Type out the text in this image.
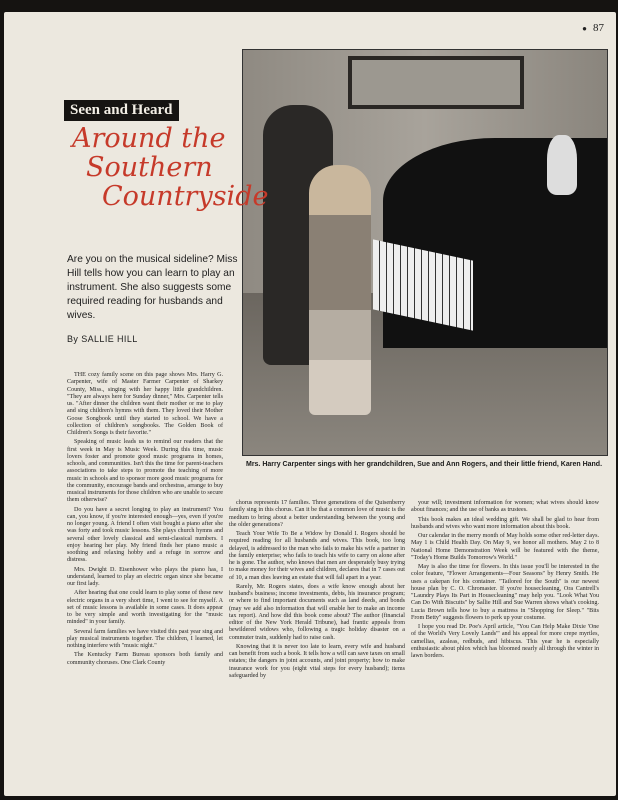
● 87
Mrs. Harry Carpenter sings with her grandchildren, Sue and Ann Rogers, and their little friend, Karen Hand.
Seen and Heard
Around the
Southern
Countryside
Are you on the musical sideline? Miss Hill tells how you can learn to play an instrument. She also suggests some required reading for husbands and wives.
By SALLIE HILL

THE cozy family scene on this page shows Mrs. Harry G. Carpenter, wife of Master Farmer Carpenter of Sharkey County, Miss., singing with her happy little grandchildren. "They are always here for Sunday dinner," Mrs. Carpenter tells us. "After dinner the children want their mother or me to play and sing children's hymns with them. They loved their Mother Goose Songbook until they started to school. We have a collection of children's songbooks. The Golden Book of Children's Songs is their favorite."

Speaking of music leads us to remind our readers that the first week in May is Music Week. During this time, music lovers foster and promote good music programs in homes, schools, and communities. Isn't this the time for parent-teachers associations to take steps to promote the teaching of more music in schools and to sponsor more good music programs for the community, encourage bands and orchestras, arrange to buy musical instruments for those children who are unable to secure them otherwise?

Do you have a secret longing to play an instrument? You can, you know, if you're interested enough—yes, even if you're no longer young. A friend I often visit bought a piano after she was forty and took music lessons. She plays church hymns and several other lovely classical and semi-classical numbers. I enjoy hearing her play. My friend finds her piano music a soothing and relaxing hobby and a refuge in sorrow and distress.

Mrs. Dwight D. Eisenhower who plays the piano has, I understand, learned to play an electric organ since she became our first lady.

After hearing that one could learn to play some of these new electric organs in a very short time, I went to see for myself. A set of music lessons is available in some cases. It does appear to be very simple and worth investigating for the "music minded" in your family.

Several farm families we have visited this past year sing and play musical instruments together. The children, I learned, let nothing interfere with "music night."

The Kentucky Farm Bureau sponsors both family and community choruses. One Clark County

chorus represents 17 families. Three generations of the Quisenberry family sing in this chorus. Can it be that a common love of music is the medium to bring about a better understanding between the young and the older generations?

Teach Your Wife To Be a Widow by Donald I. Rogers should be required reading for all husbands and wives. This book, too long delayed, is addressed to the man who fails to make his wife a partner in the family enterprise; who fails to teach his wife to carry on alone after he is gone. The author, who knows that men are desperately busy trying to make money for their wives and children, declares that in 7 cases out of 10, a man dies leaving an estate that will fall apart in a year.

Rarely, Mr. Rogers states, does a wife know enough about her husband's business; income investments, debts, his insurance program; or where to find important documents such as land deeds, and bonds (may we add also information that will enable her to make an income tax report). And how did this book come about? The author (financial editor of the New York Herald Tribune), had frantic appeals from bewildered widows who, following a tragic holiday disaster on a commuter train, suddenly had to raise cash.

Knowing that it is never too late to learn, every wife and husband can benefit from such a book. It tells how a will can save taxes on small estates; the dangers in joint accounts, and joint property; how to make insurance work for you (eight vital steps for every husband); items safeguarded by

your will; investment information for women; what wives should know about finances; and the use of banks as trustees.

This book makes an ideal wedding gift. We shall be glad to hear from husbands and wives who want more information about this book.

Our calendar in the merry month of May holds some other red-letter days. May 1 is Child Health Day. On May 9, we honor all mothers. May 2 to 8 National Home Demonstration Week will be featured with the theme, "Today's Home Builds Tomorrow's World."

May is also the time for flowers. In this issue you'll be interested in the color feature, "Flower Arrangements—Four Seasons" by Henry Smith. He uses a cakepan for his container. "Tailored for the South" is our newest house plan by C. O. Chromaster. If you're housecleaning, Ora Cantrell's "Laundry Plays Its Part in Housecleaning" may help you. "Look What You Can Do With Biscuits" by Sallie Hill and Sue Warren shows what's cooking. Lucia Brown tells how to buy a mattress in "Shopping for Sleep." "Bits From Betty" suggests flowers to perk up your costume.

I hope you read Dr. Poe's April article, "You Can Help Make Dixie 'One of the World's Very Lovely Lands'" and his appeal for more crepe myrtles, camellias, azaleas, redbuds, and hibiscus. This year he is especially enthusiastic about phlox which has bloomed nearly all through the winter in lawn borders.
